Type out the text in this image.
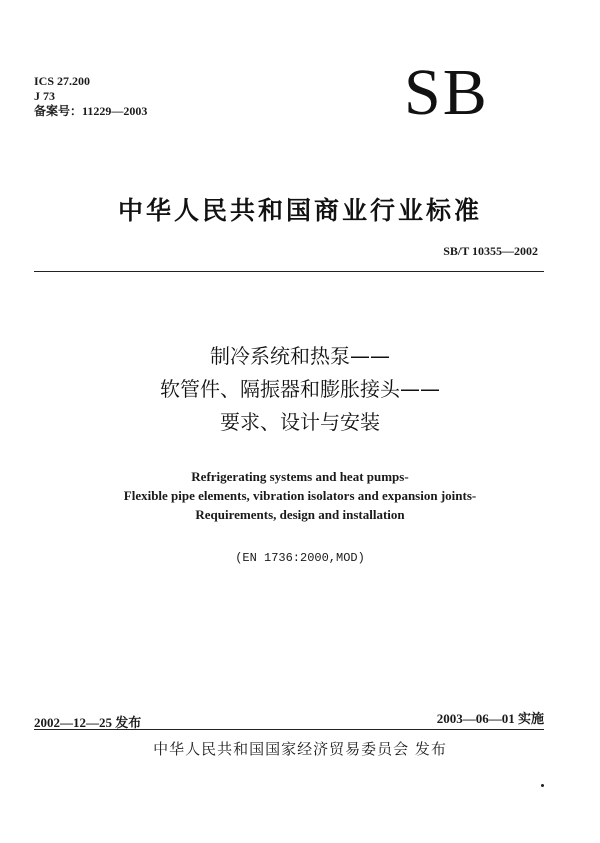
ICS 27.200
J 73
备案号：11229—2003	SB
中华人民共和国商业行业标准
SB/T 10355—2002
制冷系统和热泵——
软管件、隔振器和膨胀接头——
要求、设计与安装
Refrigerating systems and heat pumps-
Flexible pipe elements, vibration isolators and expansion joints-
Requirements, design and installation
(EN 1736:2000,MOD)
2002—12—25 发布	2003—06—01 实施
中华人民共和国国家经济贸易委员会 发布
